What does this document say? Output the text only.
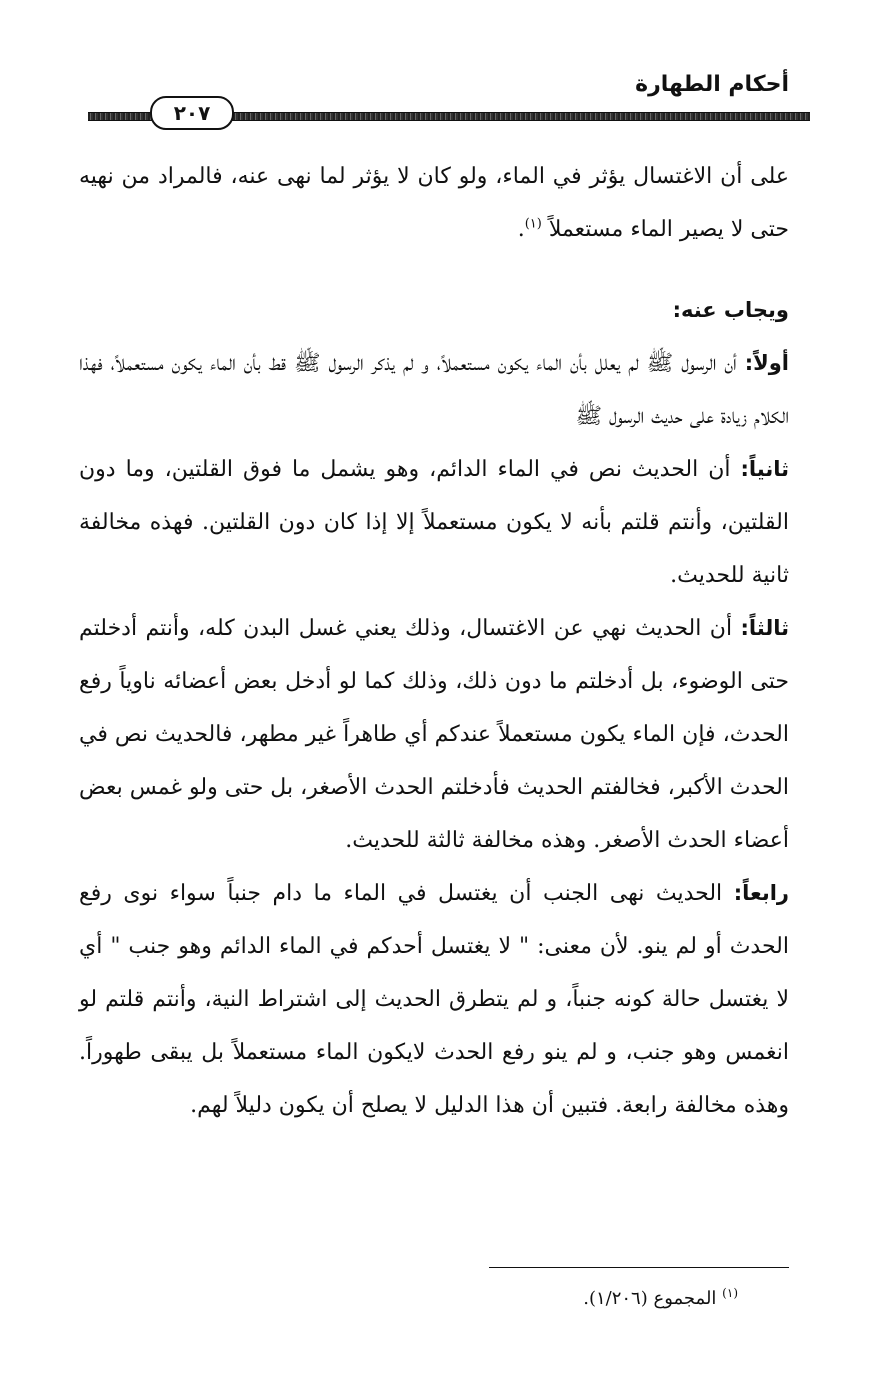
أحكام الطهارة
٢٠٧

على أن الاغتسال يؤثر في الماء، ولو كان لا يؤثر لما نهى عنه، فالمراد من نهيه حتى لا يصير الماء مستعملاً $^{(١)}$.

ويجاب عنه:

أولاً: أن الرسول ﷺ لم يعلل بأن الماء يكون مستعملاً، و لم يذكر الرسول ﷺ قط بأن الماء يكون مستعملاً، فهذا الكلام زيادة على حديث الرسول ﷺ

ثانياً: أن الحديث نص في الماء الدائم، وهو يشمل ما فوق القلتين، وما دون القلتين، وأنتم قلتم بأنه لا يكون مستعملاً إلا إذا كان دون القلتين. فهذه مخالفة ثانية للحديث.

ثالثاً: أن الحديث نهي عن الاغتسال، وذلك يعني غسل البدن كله، وأنتم أدخلتم حتى الوضوء، بل أدخلتم ما دون ذلك، وذلك كما لو أدخل بعض أعضائه ناوياً رفع الحدث، فإن الماء يكون مستعملاً عندكم أي طاهراً غير مطهر، فالحديث نص في الحدث الأكبر، فخالفتم الحديث فأدخلتم الحدث الأصغر، بل حتى ولو غمس بعض أعضاء الحدث الأصغر. وهذه مخالفة ثالثة للحديث.

رابعاً: الحديث نهى الجنب أن يغتسل في الماء ما دام جنباً سواء نوى رفع الحدث أو لم ينو. لأن معنى: " لا يغتسل أحدكم في الماء الدائم وهو جنب " أي لا يغتسل حالة كونه جنباً، و لم يتطرق الحديث إلى اشتراط النية، وأنتم قلتم لو انغمس وهو جنب، و لم ينو رفع الحدث لايكون الماء مستعملاً بل يبقى طهوراً. وهذه مخالفة رابعة. فتبين أن هذا الدليل لا يصلح أن يكون دليلاً لهم.

$^{(١)}$ المجموع (١/٢٠٦).
